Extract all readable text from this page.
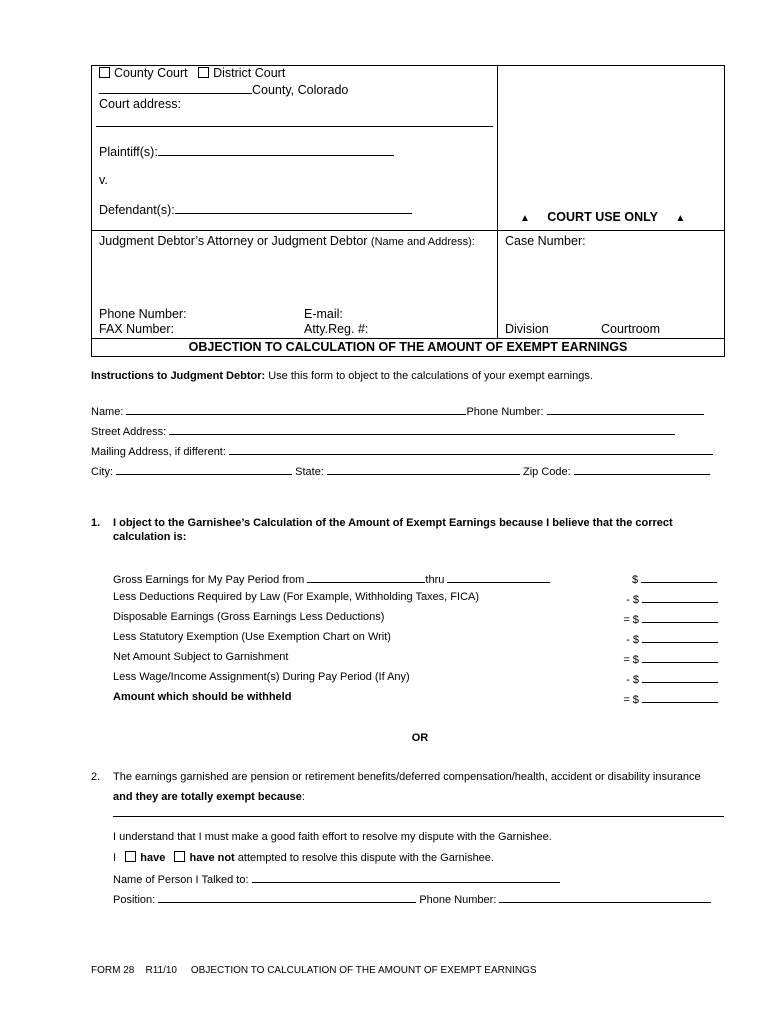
County Court District Court
County, Colorado
Court address:
Plaintiff(s):
v.
Defendant(s):
▲ COURT USE ONLY ▲
Judgment Debtor’s Attorney or Judgment Debtor (Name and Address): Case Number:
Phone Number:	E-mail:
FAX Number:	Atty.Reg. #:	Division	Courtroom
OBJECTION TO CALCULATION OF THE AMOUNT OF EXEMPT EARNINGS
Instructions to Judgment Debtor: Use this form to object to the calculations of your exempt earnings.
Name:	Phone Number:
Street Address:
Mailing Address, if different:
City:	State:	Zip Code:
1. I object to the Garnishee’s Calculation of the Amount of Exempt Earnings because I believe that the correct
calculation is:
Gross Earnings for My Pay Period from	thru	$
Less Deductions Required by Law (For Example, Withholding Taxes, FICA)	- $
Disposable Earnings (Gross Earnings Less Deductions)	= $
Less Statutory Exemption (Use Exemption Chart on Writ)	- $
Net Amount Subject to Garnishment	= $
Less Wage/Income Assignment(s) During Pay Period (If Any)	- $
Amount which should be withheld	= $
OR
2. The earnings garnished are pension or retirement benefits/deferred compensation/health, accident or disability insurance
and they are totally exempt because:
I understand that I must make a good faith effort to resolve my dispute with the Garnishee.
I have have not attempted to resolve this dispute with the Garnishee.
Name of Person I Talked to:
Position:	Phone Number:
FORM 28 R11/10 OBJECTION TO CALCULATION OF THE AMOUNT OF EXEMPT EARNINGS
